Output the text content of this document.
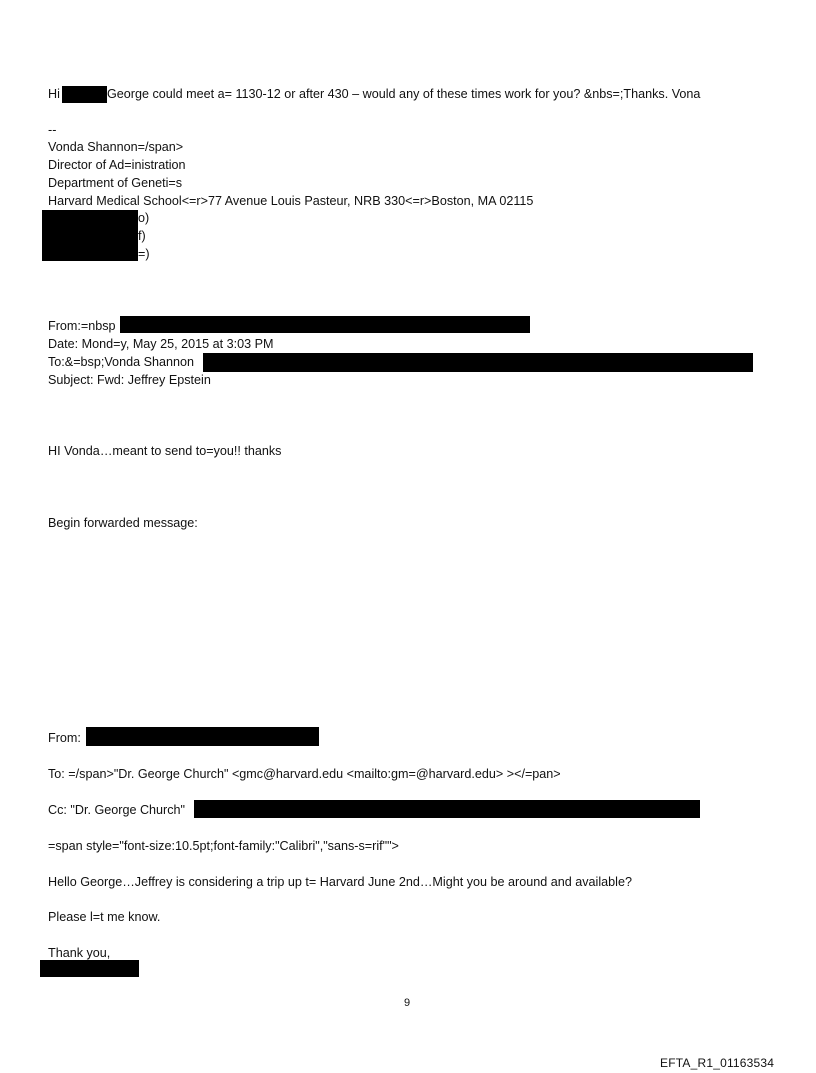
Hi	George could meet a= 1130-12 or after 430 – would any of these times work for you? &nbs=;Thanks. Vona
--
Vonda Shannon=/span>
Director of Ad=inistration
Department of Geneti=s
Harvard Medical School<=r>77 Avenue Louis Pasteur, NRB 330<=r>Boston, MA 02115
o)
f)
=)
From:=nbsp
Date: Mond=y, May 25, 2015 at 3:03 PM
To:&=bsp;Vonda Shannon
Subject: Fwd: Jeffrey Epstein
HI Vonda…meant to send to=you!! thanks
Begin forwarded message:
From:
To: =/span>"Dr. George Church" <gmc@harvard.edu <mailto:gm=@harvard.edu> ></=pan>
Cc: "Dr. George Church"
=span style="font-size:10.5pt;font-family:"Calibri","sans-s=rif"">
Hello George…Jeffrey is considering a trip up t= Harvard June 2nd…Might you be around and available?
Please l=t me know.
Thank you,
9
EFTA_R1_01163534
